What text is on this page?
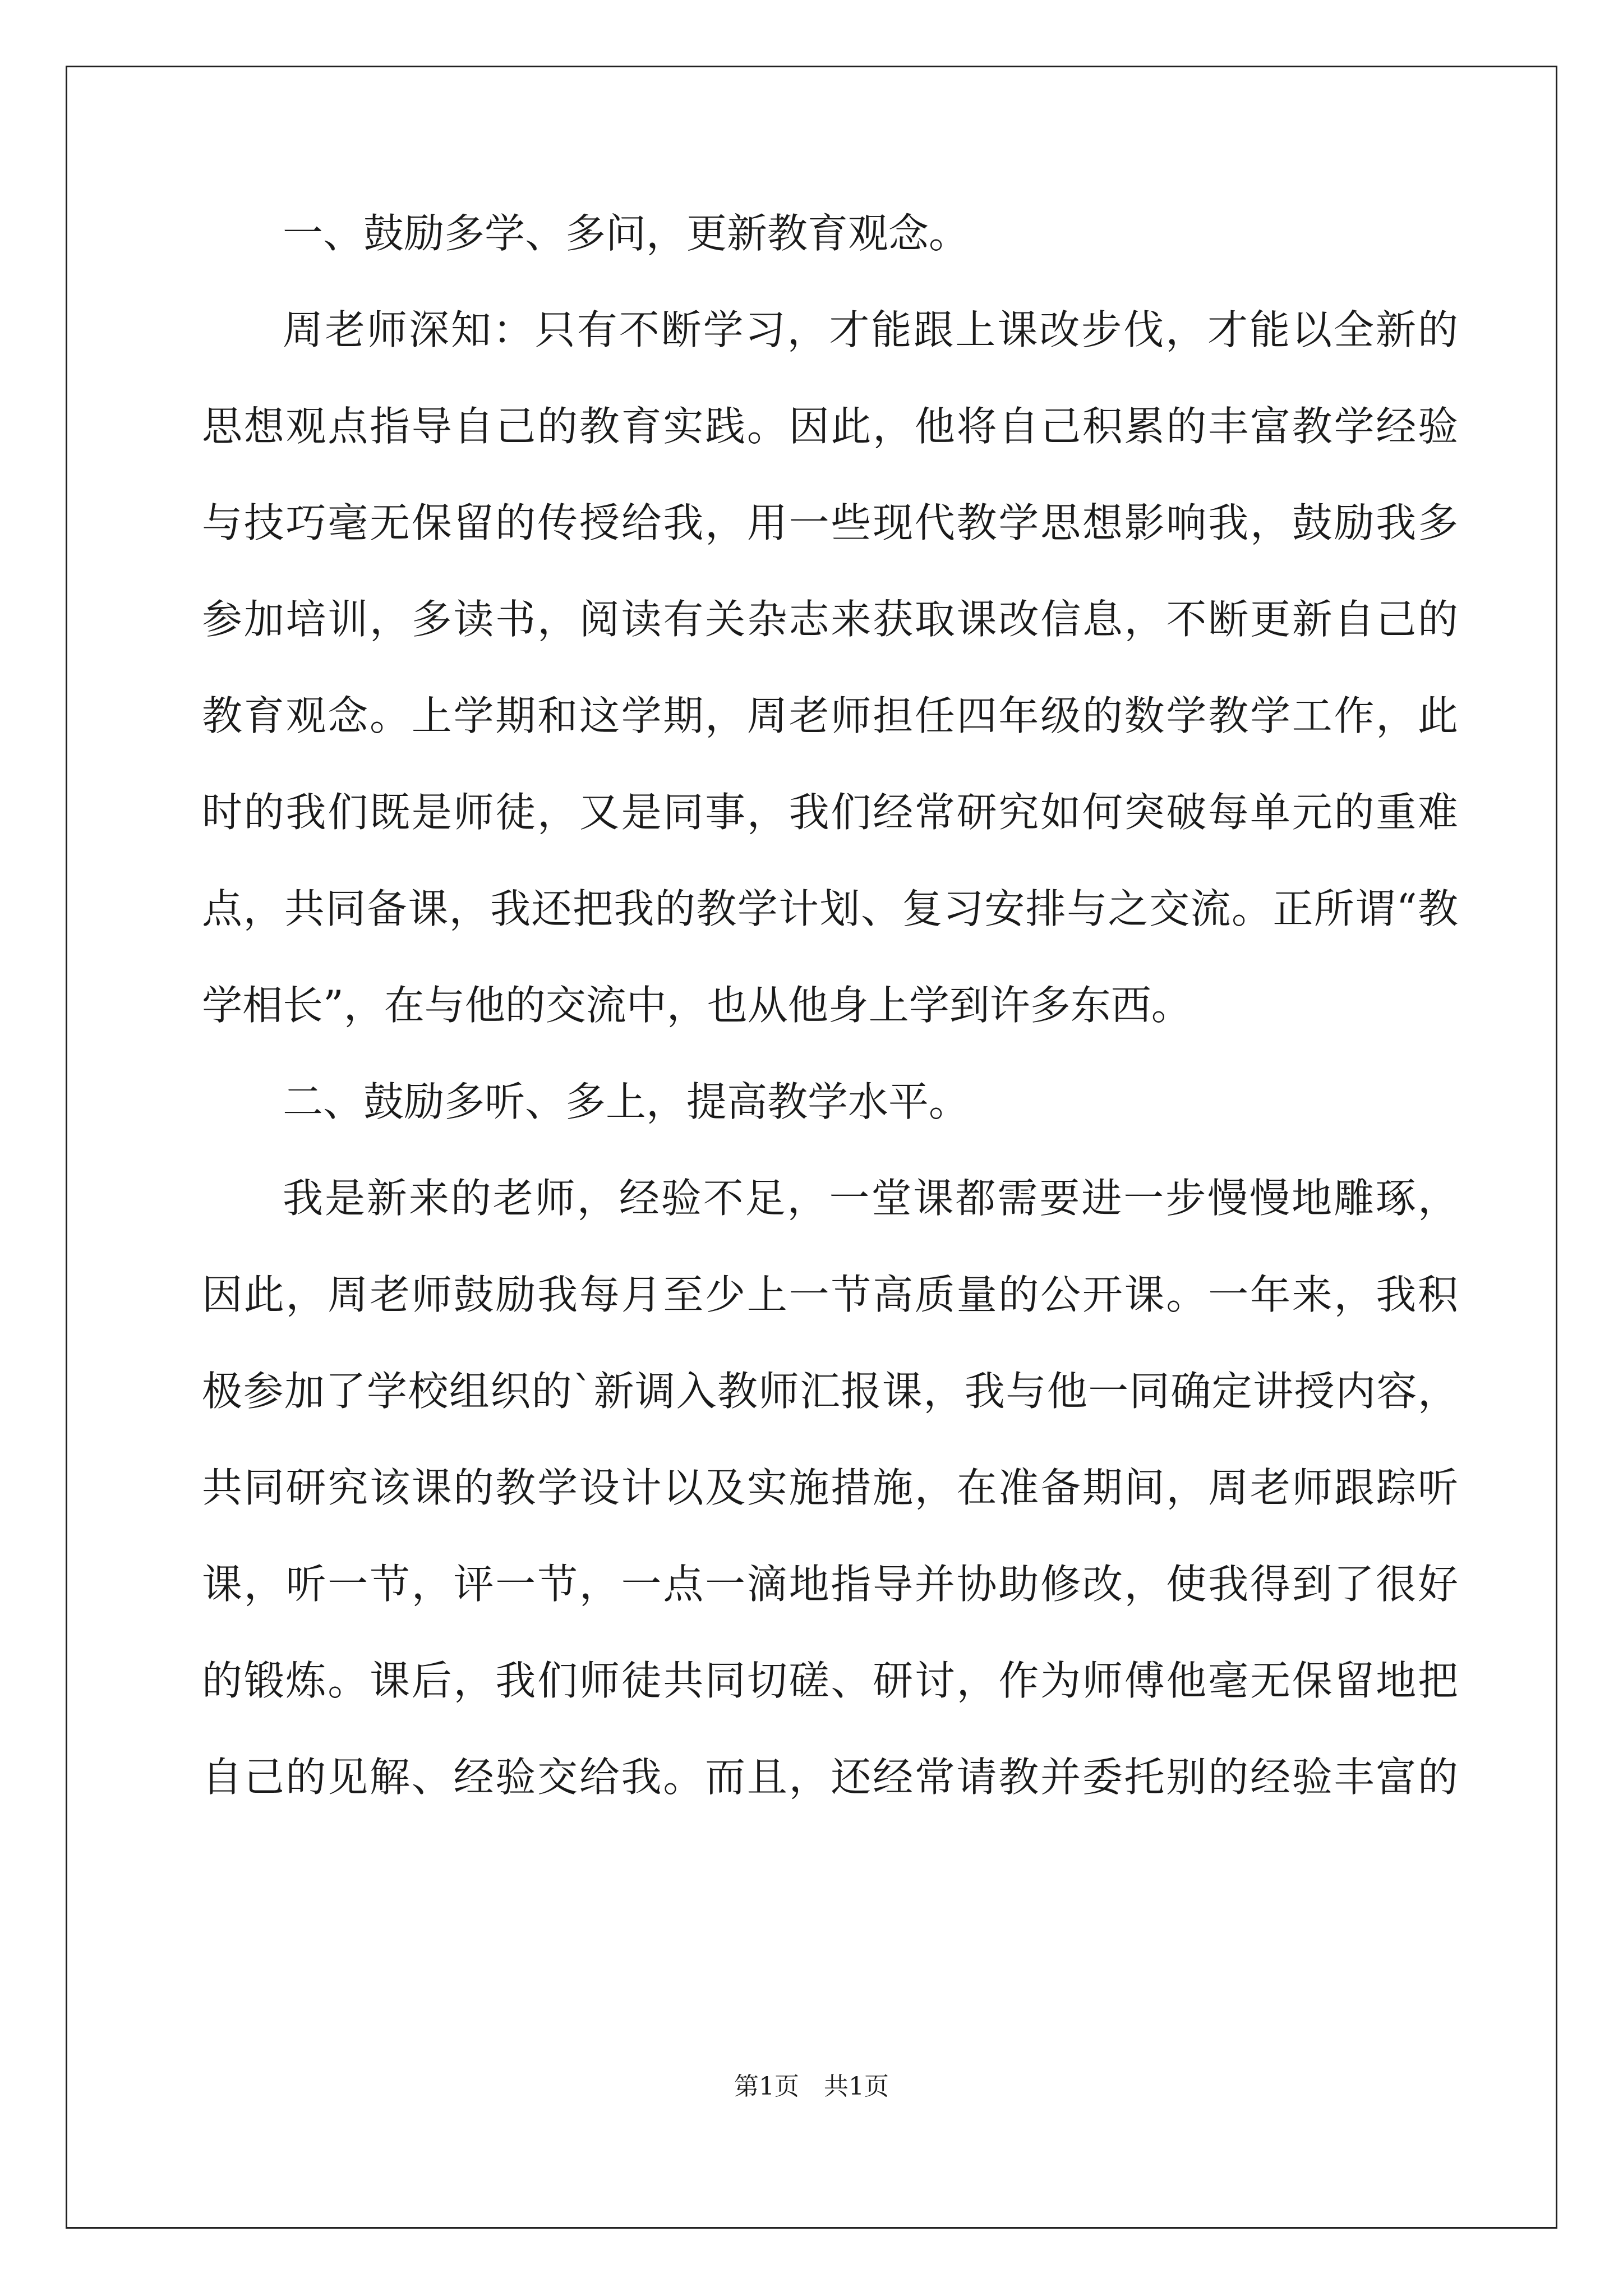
一、鼓励多学、多问，更新教育观念。
周老师深知：只有不断学习，才能跟上课改步伐，才能以全新的
思想观点指导自己的教育实践。因此，他将自己积累的丰富教学经验
与技巧毫无保留的传授给我，用一些现代教学思想影响我，鼓励我多
参加培训，多读书，阅读有关杂志来获取课改信息，不断更新自己的
教育观念。上学期和这学期，周老师担任四年级的数学教学工作，此
时的我们既是师徒，又是同事，我们经常研究如何突破每单元的重难
点，共同备课，我还把我的教学计划、复习安排与之交流。正所谓“教
学相长”，在与他的交流中，也从他身上学到许多东西。
二、鼓励多听、多上，提高教学水平。
我是新来的老师，经验不足，一堂课都需要进一步慢慢地雕琢，
因此，周老师鼓励我每月至少上一节高质量的公开课。一年来，我积
极参加了学校组织的`新调入教师汇报课，我与他一同确定讲授内容，
共同研究该课的教学设计以及实施措施，在准备期间，周老师跟踪听
课，听一节，评一节，一点一滴地指导并协助修改，使我得到了很好
的锻炼。课后，我们师徒共同切磋、研讨，作为师傅他毫无保留地把
自己的见解、经验交给我。而且，还经常请教并委托别的经验丰富的
第1页　共1页
